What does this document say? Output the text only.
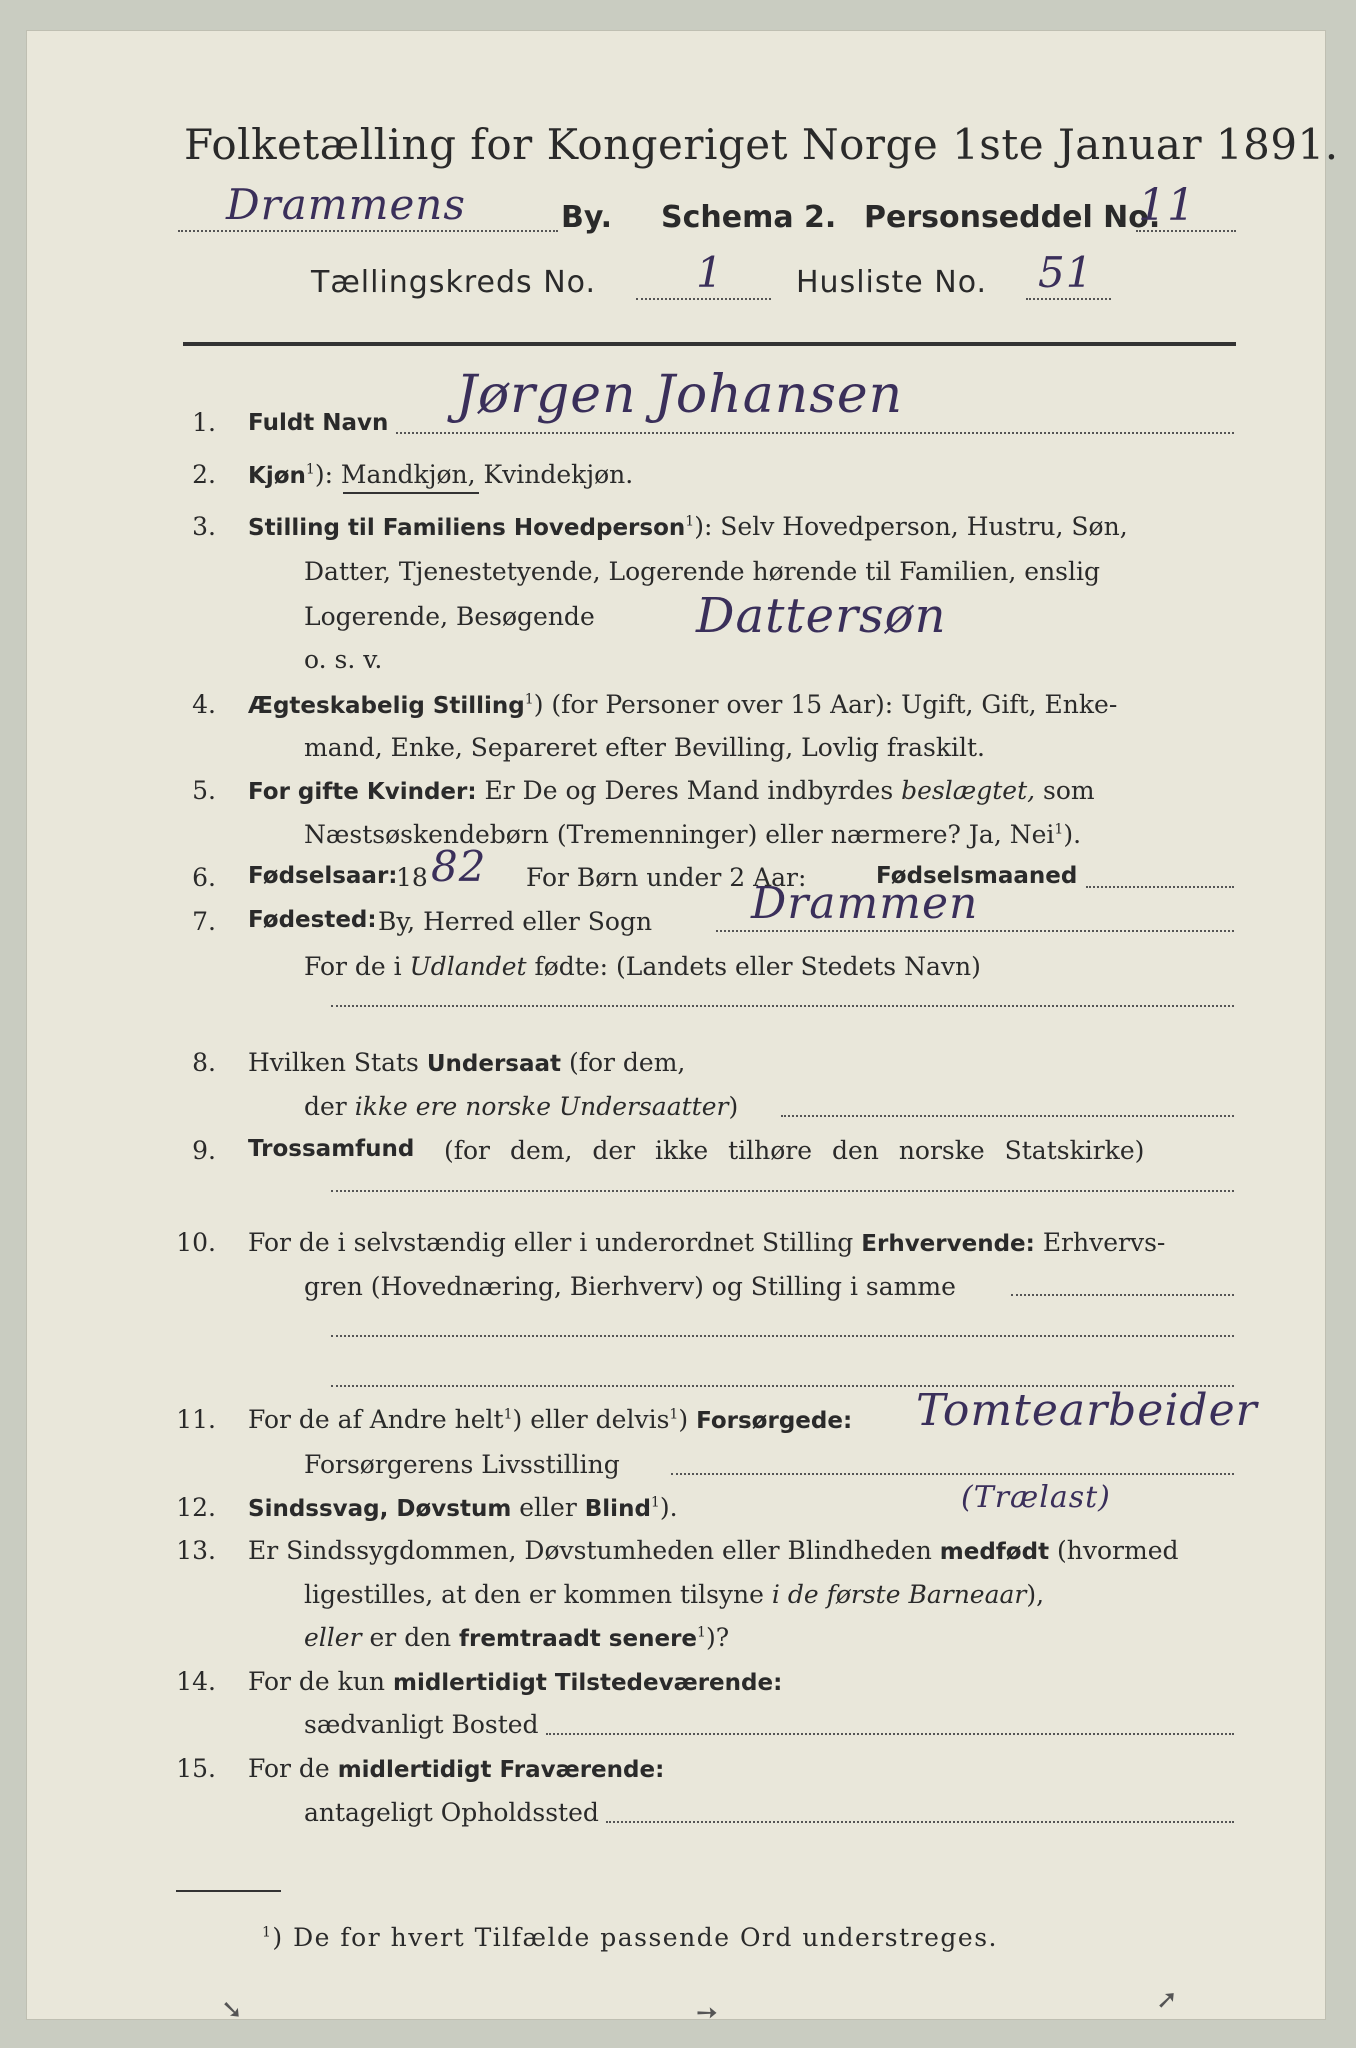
Folketælling for Kongeriget Norge 1ste Januar 1891.
Drammens	By. Schema 2. Personseddel No.
11
Tællingskreds No. 1 Husliste No. 51
1. Fuldt Navn Jørgen Johansen
2. Kjøn$^1$): Mandkjøn, Kvindekjøn.
3. Stilling til Familiens Hovedperson$^1$): Selv Hovedperson, Hustru, Søn,
Datter, Tjenestetyende, Logerende hørende til Familien, enslig
Logerende, Besøgende
o. s. v.
Dattersøn
4. Ægteskabelig Stilling$^1$) (for Personer over 15 Aar): Ugift, Gift, Enke-
mand, Enke, Separeret efter Bevilling, Lovlig fraskilt.
5. For gifte Kvinder: Er De og Deres Mand indbyrdes beslægtet, som
Næstsøskendebørn (Tremenninger) eller nærmere? Ja, Nei$^1$).
6. Fødselsaar:
18 82 For Børn under 2 Aar:	Fødselsmaaned
7. Fødested: By, Herred eller Sogn Drammen
For de i Udlandet fødte: (Landets eller Stedets Navn)
8. Hvilken Stats Undersaat (for dem,
der ikke ere norske Undersaatter)
9. Trossamfund (for dem, der ikke tilhøre den norske Statskirke)
10. For de i selvstændig eller i underordnet Stilling Erhvervende: Erhvervs-
gren (Hovednæring, Bierhverv) og Stilling i samme
11. For de af Andre helt$^1$) eller delvis$^1$) Forsørgede:
Forsørgerens Livsstilling
Tomtearbeider
12. Sindssvag, Døvstum eller Blind$^1$).	(Trælast)
13. Er Sindssygdommen, Døvstumheden eller Blindheden medfødt (hvormed
ligestilles, at den er kommen tilsyne i de første Barneaar),
eller er den fremtraadt senere$^1$)?
14. For de kun midlertidigt Tilstedeværende:
sædvanligt Bosted
15. For de midlertidigt Fraværende:
antageligt Opholdssted
$^1$) De for hvert Tilfælde passende Ord understreges.
➘	➙	➚
